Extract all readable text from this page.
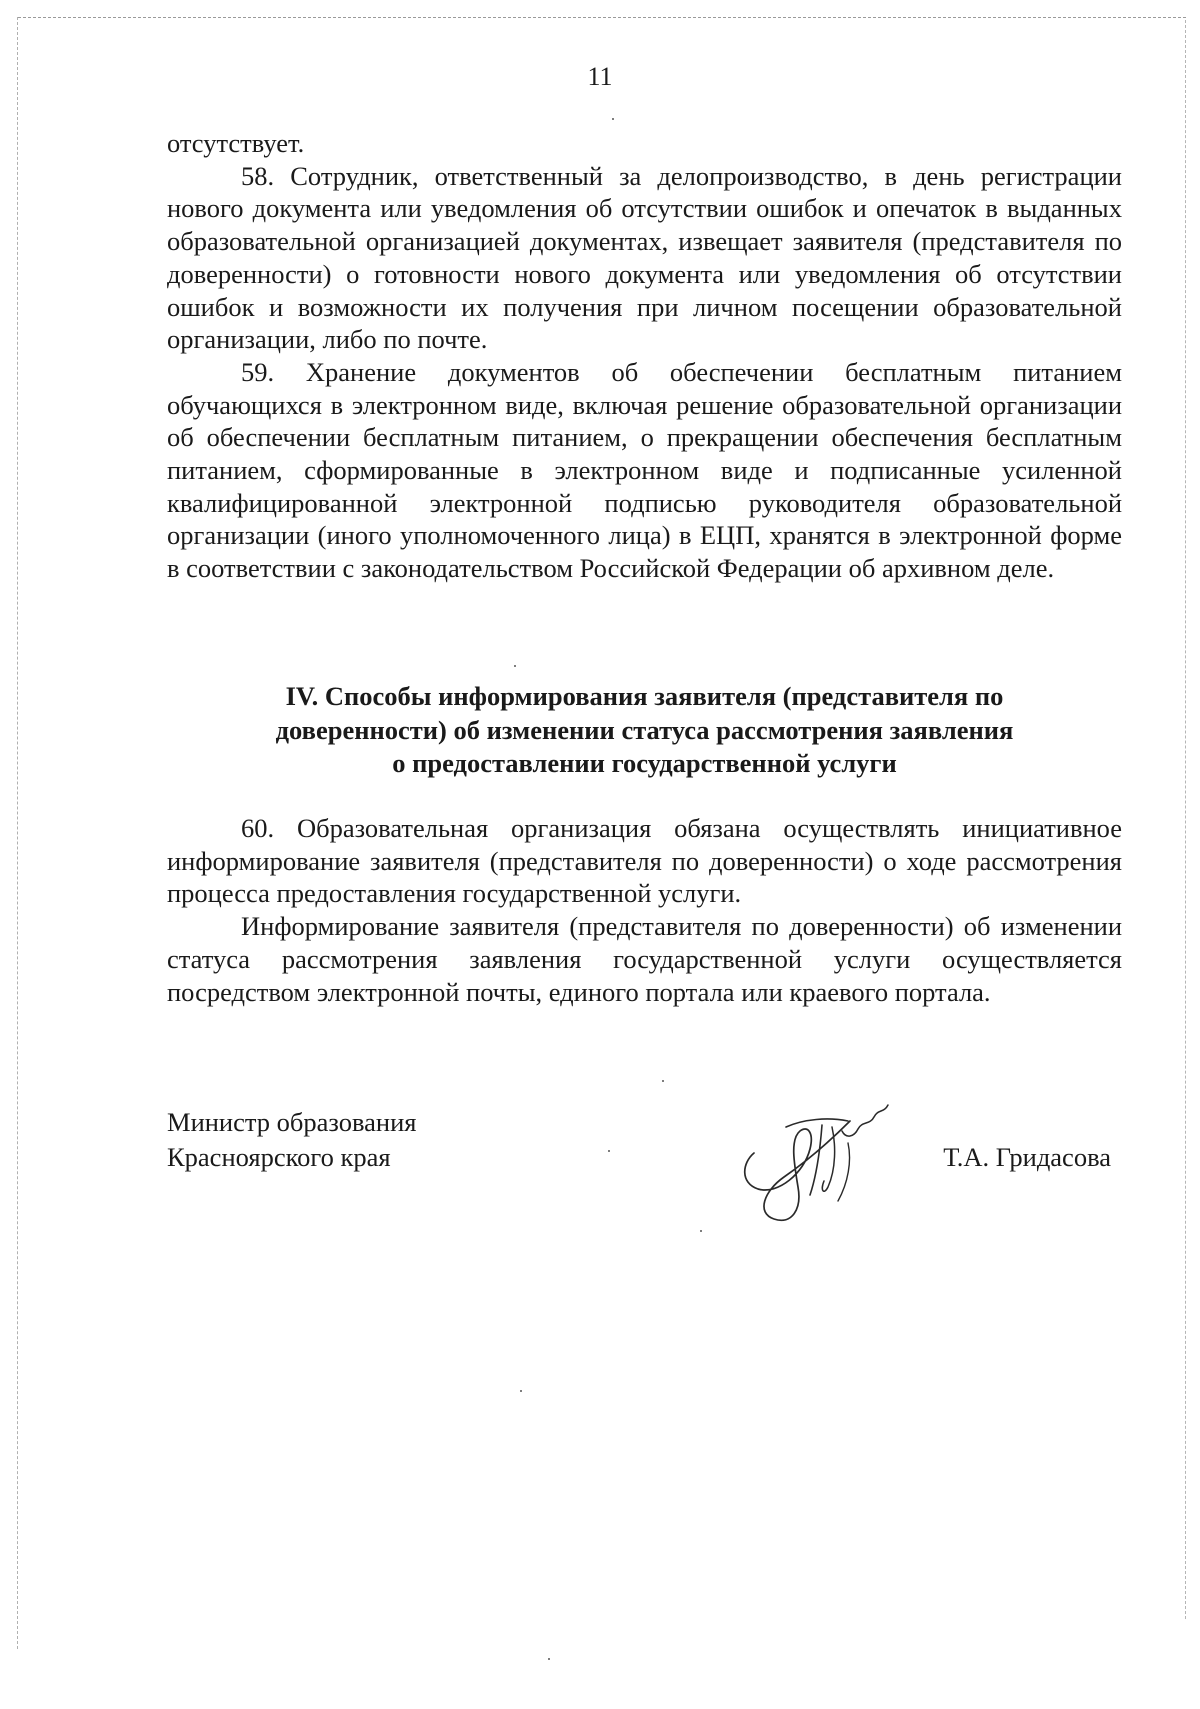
11

отсутствует.

58. Сотрудник, ответственный за делопроизводство, в день регистрации нового документа или уведомления об отсутствии ошибок и опечаток в выданных образовательной организацией документах, извещает заявителя (представителя по доверенности) о готовности нового документа или уведомления об отсутствии ошибок и возможности их получения при личном посещении образовательной организации, либо по почте.

59. Хранение документов об обеспечении бесплатным питанием обучающихся в электронном виде, включая решение образовательной организации об обеспечении бесплатным питанием, о прекращении обеспечения бесплатным питанием, сформированные в электронном виде и подписанные усиленной квалифицированной электронной подписью руководителя образовательной организации (иного уполномоченного лица) в ЕЦП, хранятся в электронной форме в соответствии с законодательством Российской Федерации об архивном деле.

IV. Способы информирования заявителя (представителя по
доверенности) об изменении статуса рассмотрения заявления
о предоставлении государственной услуги

60. Образовательная организация обязана осуществлять инициативное информирование заявителя (представителя по доверенности) о ходе рассмотрения процесса предоставления государственной услуги.

Информирование заявителя (представителя по доверенности) об изменении статуса рассмотрения заявления государственной услуги осуществляется посредством электронной почты, единого портала или краевого портала.

Министр образования
Красноярского края	Т.А. Гридасова
